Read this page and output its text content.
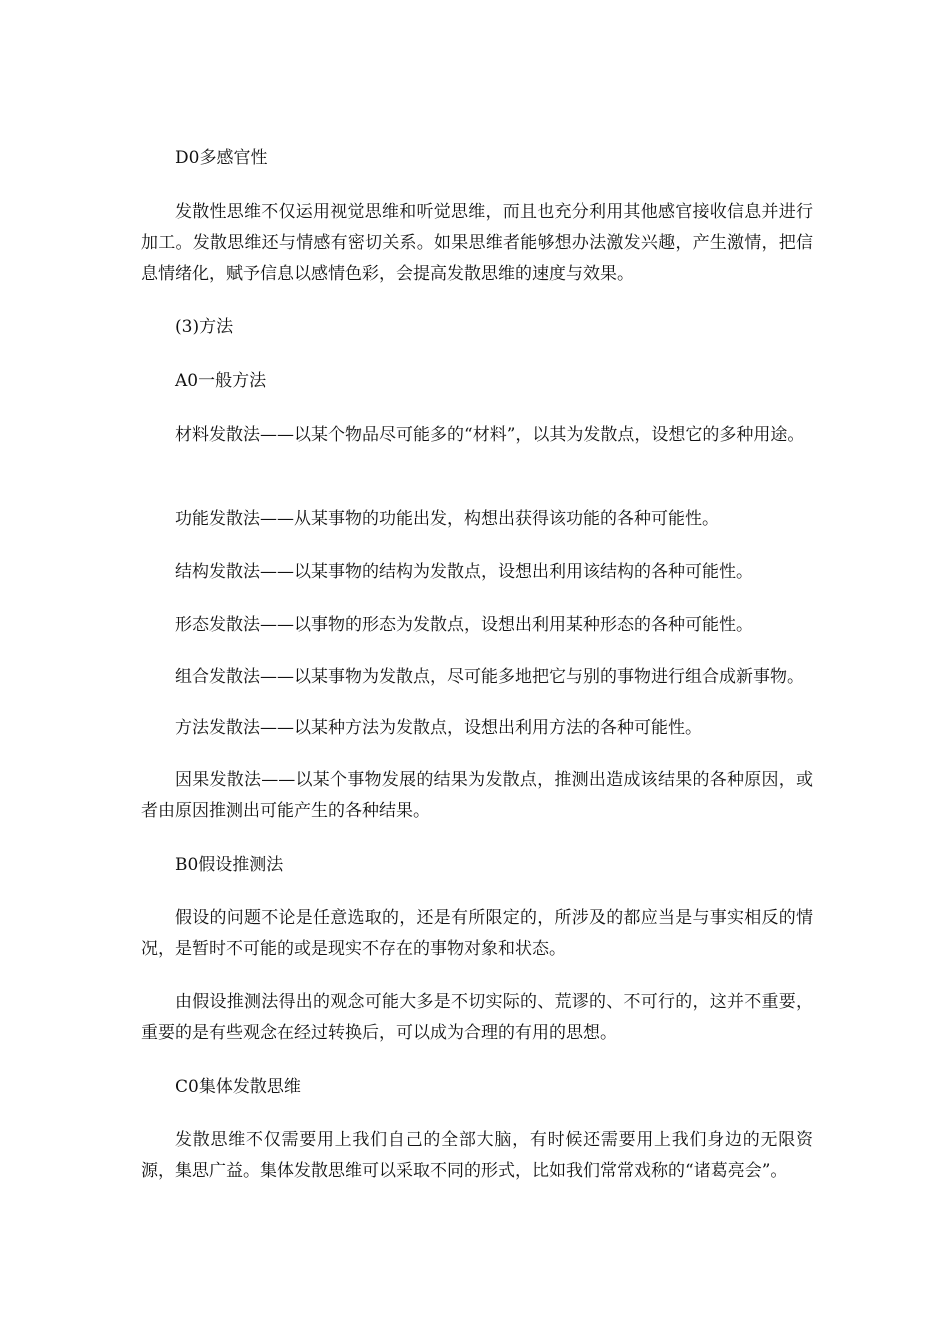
D0多感官性

发散性思维不仅运用视觉思维和听觉思维，而且也充分利用其他感官接收信息并进行加工。发散思维还与情感有密切关系。如果思维者能够想办法激发兴趣，产生激情，把信息情绪化，赋予信息以感情色彩，会提高发散思维的速度与效果。

(3)方法

A0一般方法

材料发散法——以某个物品尽可能多的“材料”，以其为发散点，设想它的多种用途。

功能发散法——从某事物的功能出发，构想出获得该功能的各种可能性。

结构发散法——以某事物的结构为发散点，设想出利用该结构的各种可能性。

形态发散法——以事物的形态为发散点，设想出利用某种形态的各种可能性。

组合发散法——以某事物为发散点，尽可能多地把它与别的事物进行组合成新事物。

方法发散法——以某种方法为发散点，设想出利用方法的各种可能性。

因果发散法——以某个事物发展的结果为发散点，推测出造成该结果的各种原因，或者由原因推测出可能产生的各种结果。

B0假设推测法

假设的问题不论是任意选取的，还是有所限定的，所涉及的都应当是与事实相反的情况，是暂时不可能的或是现实不存在的事物对象和状态。

由假设推测法得出的观念可能大多是不切实际的、荒谬的、不可行的，这并不重要，重要的是有些观念在经过转换后，可以成为合理的有用的思想。

C0集体发散思维

发散思维不仅需要用上我们自己的全部大脑，有时候还需要用上我们身边的无限资源，集思广益。集体发散思维可以采取不同的形式，比如我们常常戏称的“诸葛亮会”。
